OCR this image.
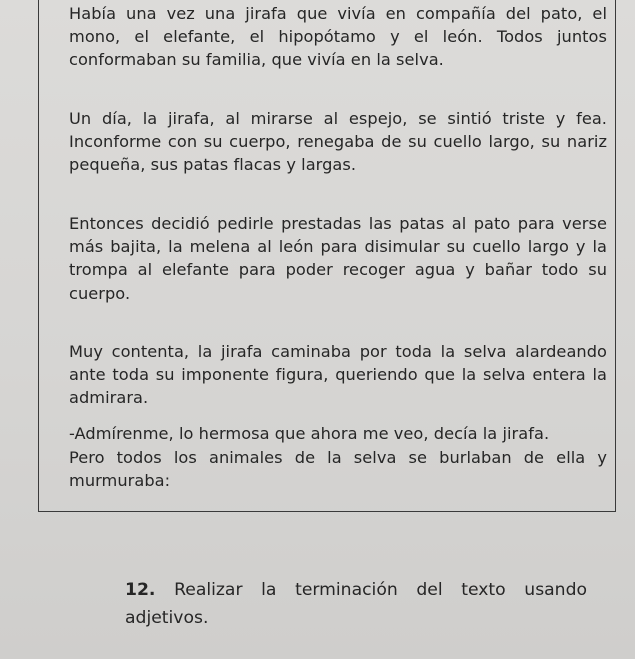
Había una vez una jirafa que vivía en compañía del pato, el mono, el elefante, el hipopótamo y el león. Todos juntos conformaban su familia, que vivía en la selva.

Un día, la jirafa, al mirarse al espejo, se sintió triste y fea. Inconforme con su cuerpo, renegaba de su cuello largo, su nariz pequeña, sus patas flacas y largas.

Entonces decidió pedirle prestadas las patas al pato para verse más bajita, la melena al león para disimular su cuello largo y la trompa al elefante para poder recoger agua y bañar todo su cuerpo.

Muy contenta, la jirafa caminaba por toda la selva alardeando ante toda su imponente figura, queriendo que la selva entera la admirara.

-Admírenme, lo hermosa que ahora me veo, decía la jirafa.

Pero todos los animales de la selva se burlaban de ella y murmuraba:

12. Realizar la terminación del texto usando adjetivos.
